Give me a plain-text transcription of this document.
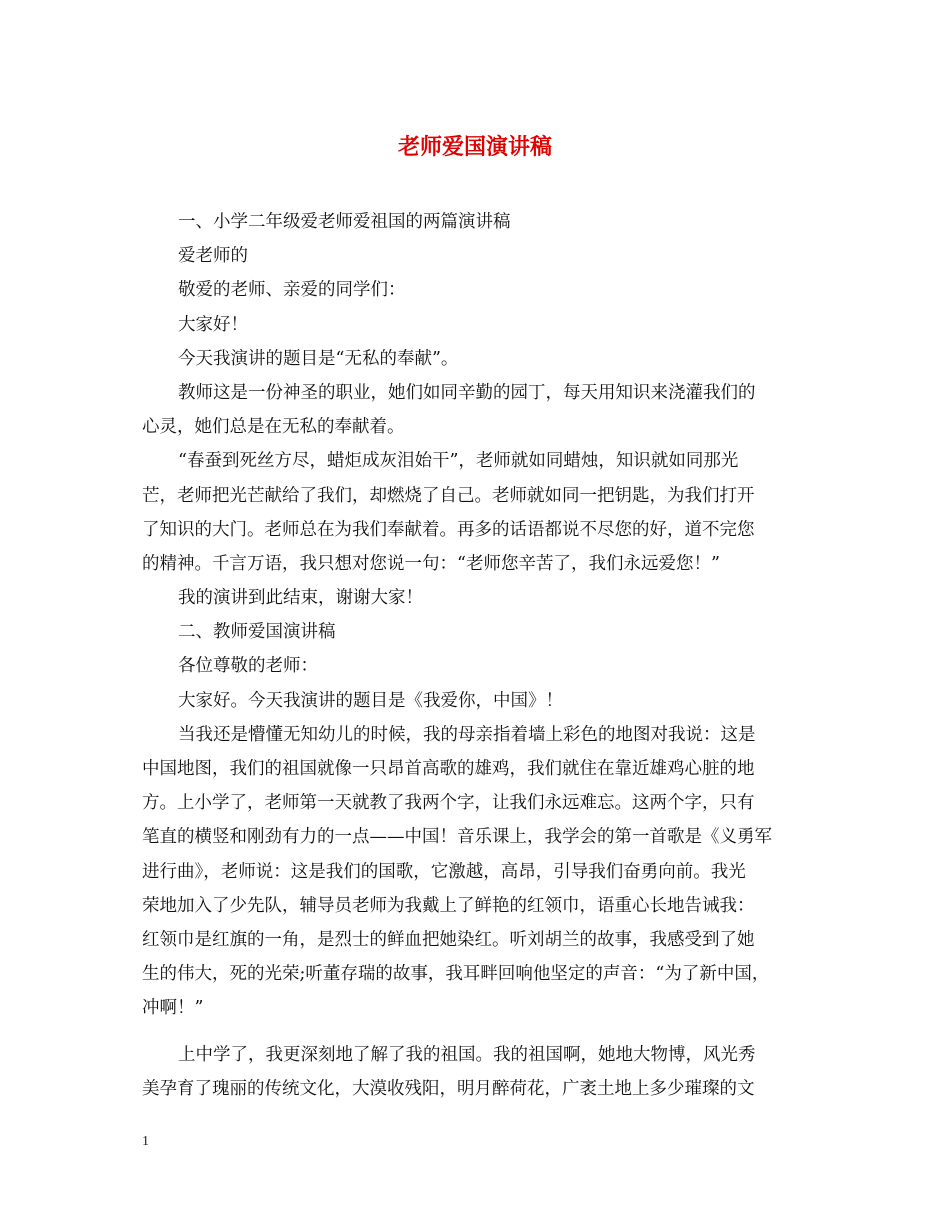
老师爱国演讲稿
一、小学二年级爱老师爱祖国的两篇演讲稿
爱老师的
敬爱的老师、亲爱的同学们：
大家好！
今天我演讲的题目是“无私的奉献”。
教师这是一份神圣的职业，她们如同辛勤的园丁，每天用知识来浇灌我们的
心灵，她们总是在无私的奉献着。
“春蚕到死丝方尽，蜡炬成灰泪始干”，老师就如同蜡烛，知识就如同那光
芒，老师把光芒献给了我们，却燃烧了自己。老师就如同一把钥匙，为我们打开
了知识的大门。老师总在为我们奉献着。再多的话语都说不尽您的好，道不完您
的精神。千言万语，我只想对您说一句：“老师您辛苦了，我们永远爱您！”
我的演讲到此结束，谢谢大家！
二、教师爱国演讲稿
各位尊敬的老师：
大家好。今天我演讲的题目是《我爱你，中国》！
当我还是懵懂无知幼儿的时候，我的母亲指着墙上彩色的地图对我说：这是
中国地图，我们的祖国就像一只昂首高歌的雄鸡，我们就住在靠近雄鸡心脏的地
方。上小学了，老师第一天就教了我两个字，让我们永远难忘。这两个字，只有
笔直的横竖和刚劲有力的一点——中国！音乐课上，我学会的第一首歌是《义勇军
进行曲》，老师说：这是我们的国歌，它激越，高昂，引导我们奋勇向前。我光
荣地加入了少先队，辅导员老师为我戴上了鲜艳的红领巾，语重心长地告诫我：
红领巾是红旗的一角，是烈士的鲜血把她染红。听刘胡兰的故事，我感受到了她
生的伟大，死的光荣;听董存瑞的故事，我耳畔回响他坚定的声音：“为了新中国，
冲啊！”
上中学了，我更深刻地了解了我的祖国。我的祖国啊，她地大物博，风光秀
美孕育了瑰丽的传统文化，大漠收残阳，明月醉荷花，广袤土地上多少璀璨的文
1
